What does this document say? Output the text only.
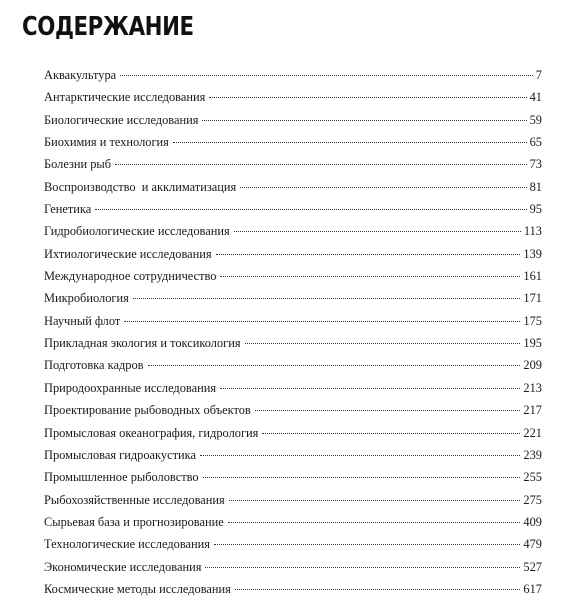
СОДЕРЖАНИЕ
Аквакультура	7
Антарктические исследования	41
Биологические исследования	59
Биохимия и технология	65
Болезни рыб	73
Воспроизводство  и акклиматизация	81
Генетика	95
Гидробиологические исследования	113
Ихтиологические исследования	139
Международное сотрудничество	161
Микробиология	171
Научный флот	175
Прикладная экология и токсикология	195
Подготовка кадров	209
Природоохранные исследования	213
Проектирование рыбоводных объектов	217
Промысловая океанография, гидрология	221
Промысловая гидроакустика	239
Промышленное рыболовство	255
Рыбохозяйственные исследования	275
Сырьевая база и прогнозирование	409
Технологические исследования	479
Экономические исследования	527
Космические методы исследования	617
